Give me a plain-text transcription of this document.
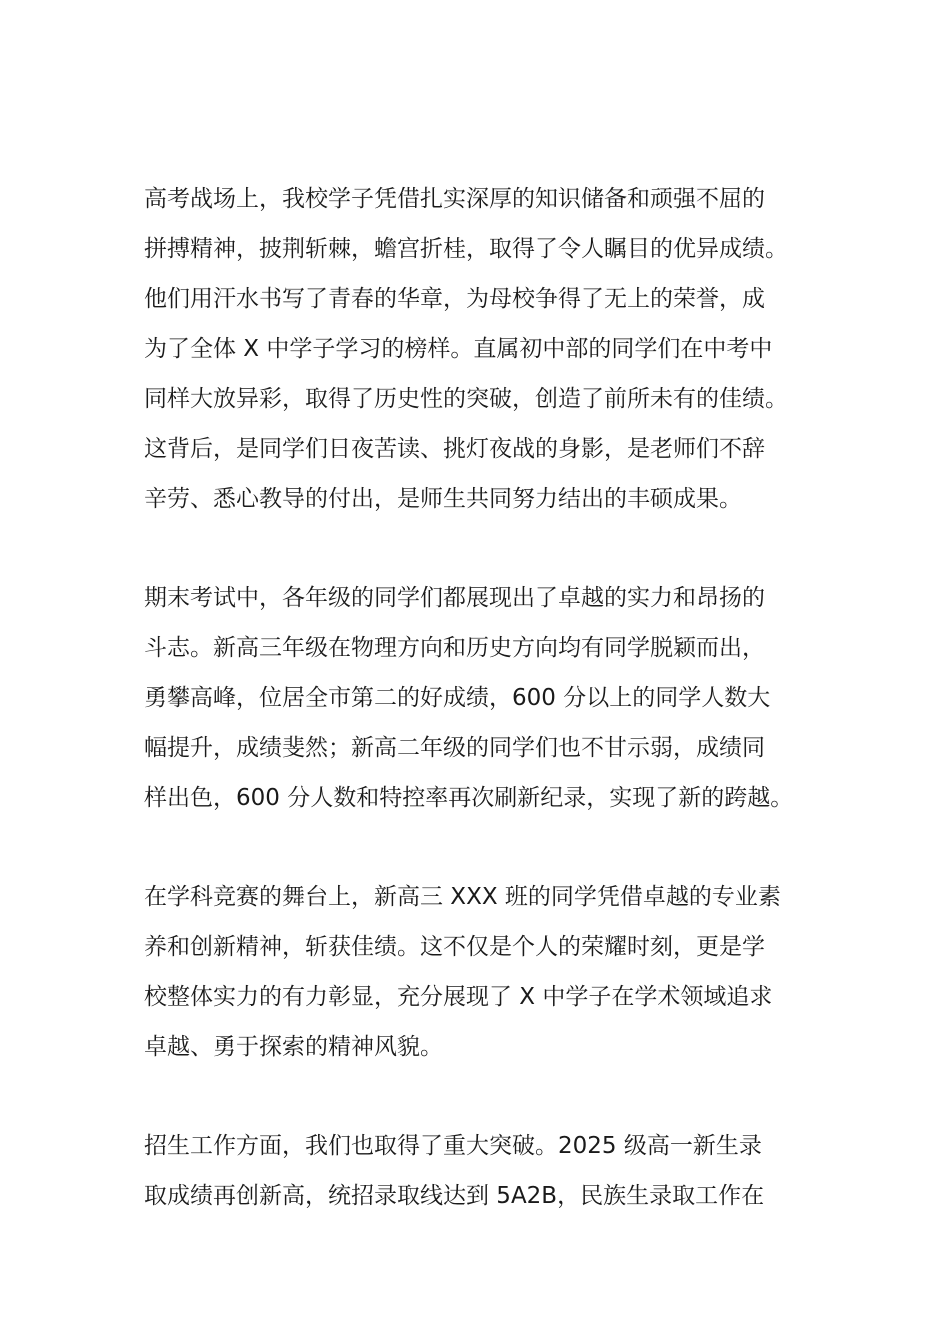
高考战场上，我校学子凭借扎实深厚的知识储备和顽强不屈的
拼搏精神，披荆斩棘，蟾宫折桂，取得了令人瞩目的优异成绩。
他们用汗水书写了青春的华章，为母校争得了无上的荣誉，成
为了全体 X 中学子学习的榜样。直属初中部的同学们在中考中
同样大放异彩，取得了历史性的突破，创造了前所未有的佳绩。
这背后，是同学们日夜苦读、挑灯夜战的身影，是老师们不辞
辛劳、悉心教导的付出，是师生共同努力结出的丰硕成果。
期末考试中，各年级的同学们都展现出了卓越的实力和昂扬的
斗志。新高三年级在物理方向和历史方向均有同学脱颖而出，
勇攀高峰，位居全市第二的好成绩，600 分以上的同学人数大
幅提升，成绩斐然；新高二年级的同学们也不甘示弱，成绩同
样出色，600 分人数和特控率再次刷新纪录，实现了新的跨越。
在学科竞赛的舞台上，新高三 XXX 班的同学凭借卓越的专业素
养和创新精神，斩获佳绩。这不仅是个人的荣耀时刻，更是学
校整体实力的有力彰显，充分展现了 X 中学子在学术领域追求
卓越、勇于探索的精神风貌。
招生工作方面，我们也取得了重大突破。2025 级高一新生录
取成绩再创新高，统招录取线达到 5A2B，民族生录取工作在
